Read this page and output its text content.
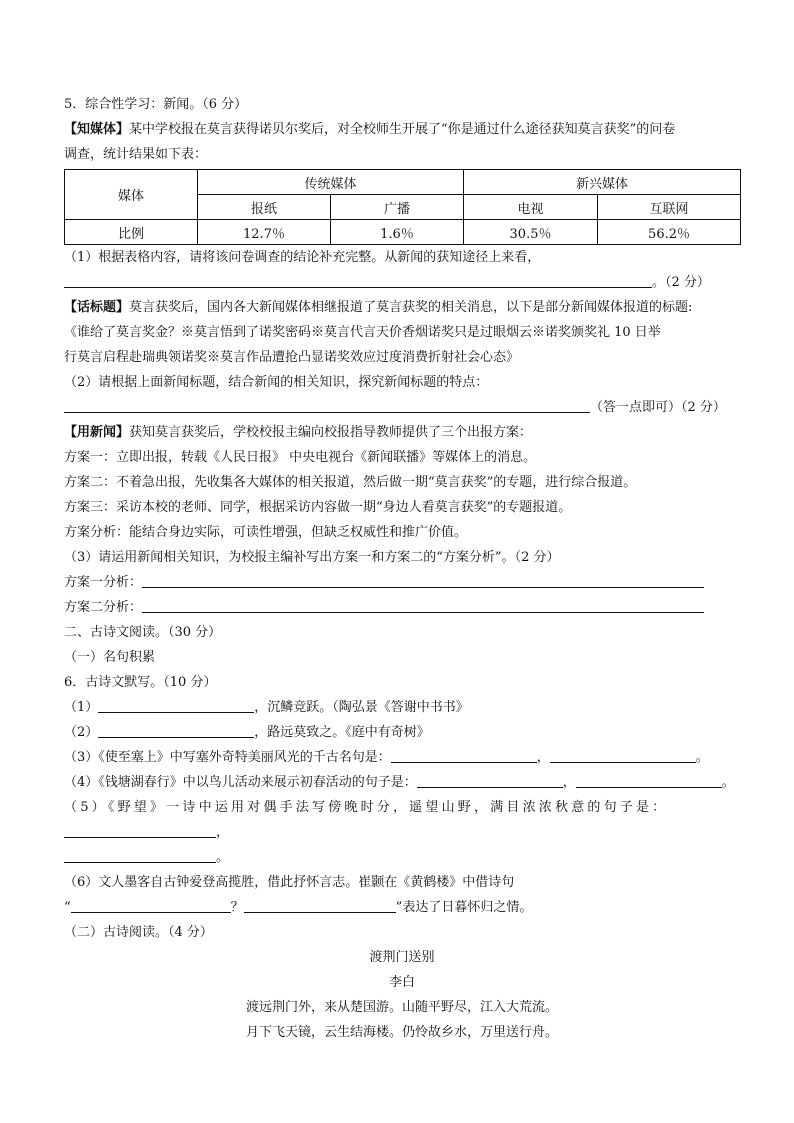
5．综合性学习：新闻。（6 分）
【知媒体】某中学校报在莫言获得诺贝尔奖后，对全校师生开展了“你是通过什么途径获知莫言获奖”的问卷
调查，统计结果如下表：
媒体	传统媒体		新兴媒体	
	报纸	广播	电视	互联网
比例	12.7％	1.6％	30.5％	56.2％
（1）根据表格内容，请将该问卷调查的结论补充完整。从新闻的获知途径上来看，
。（2 分）
【话标题】莫言获奖后，国内各大新闻媒体相继报道了莫言获奖的相关消息，以下是部分新闻媒体报道的标题:
《谁给了莫言奖金？※莫言悟到了诺奖密码※莫言代言天价香烟诺奖只是过眼烟云※诺奖颁奖礼 10 日举
行莫言启程赴瑞典领诺奖※莫言作品遭抢凸显诺奖效应过度消费折射社会心态》
（2）请根据上面新闻标题，结合新闻的相关知识，探究新闻标题的特点：
（答一点即可）（2 分）
【用新闻】获知莫言获奖后，学校校报主编向校报指导教师提供了三个出报方案：
方案一：立即出报，转载《人民日报》 中央电视台《新闻联播》等媒体上的消息。
方案二：不着急出报，先收集各大媒体的相关报道，然后做一期“莫言获奖”的专题，进行综合报道。
方案三：采访本校的老师、同学，根据采访内容做一期“身边人看莫言获奖”的专题报道。
方案分析：能结合身边实际，可读性增强，但缺乏权威性和推广价值。
（3）请运用新闻相关知识，为校报主编补写出方案一和方案二的“方案分析”。（2 分）
方案一分析：
方案二分析：
二、古诗文阅读。（30 分）
（一）名句积累
6．古诗文默写。（10 分）
（1）	，沉鳞竞跃。（陶弘景《答谢中书书》
（2）	，路远莫致之。《庭中有奇树》
（3）《使至塞上》中写塞外奇特美丽风光的千古名句是：	，	。
（4）《钱塘湖春行》中以鸟儿活动来展示初春活动的句子是：	，	。
（5）《野望》一诗中运用对偶手法写傍晚时分，遥望山野，满目浓浓秋意的句子是：
，
。
（6）文人墨客自古钟爱登高揽胜，借此抒怀言志。崔颢在《黄鹤楼》中借诗句
“	？	”表达了日暮怀归之情。
（二）古诗阅读。（4 分）
渡荆门送别
李白
渡远荆门外，来从楚国游。山随平野尽，江入大荒流。
月下飞天镜，云生结海楼。仍怜故乡水，万里送行舟。
